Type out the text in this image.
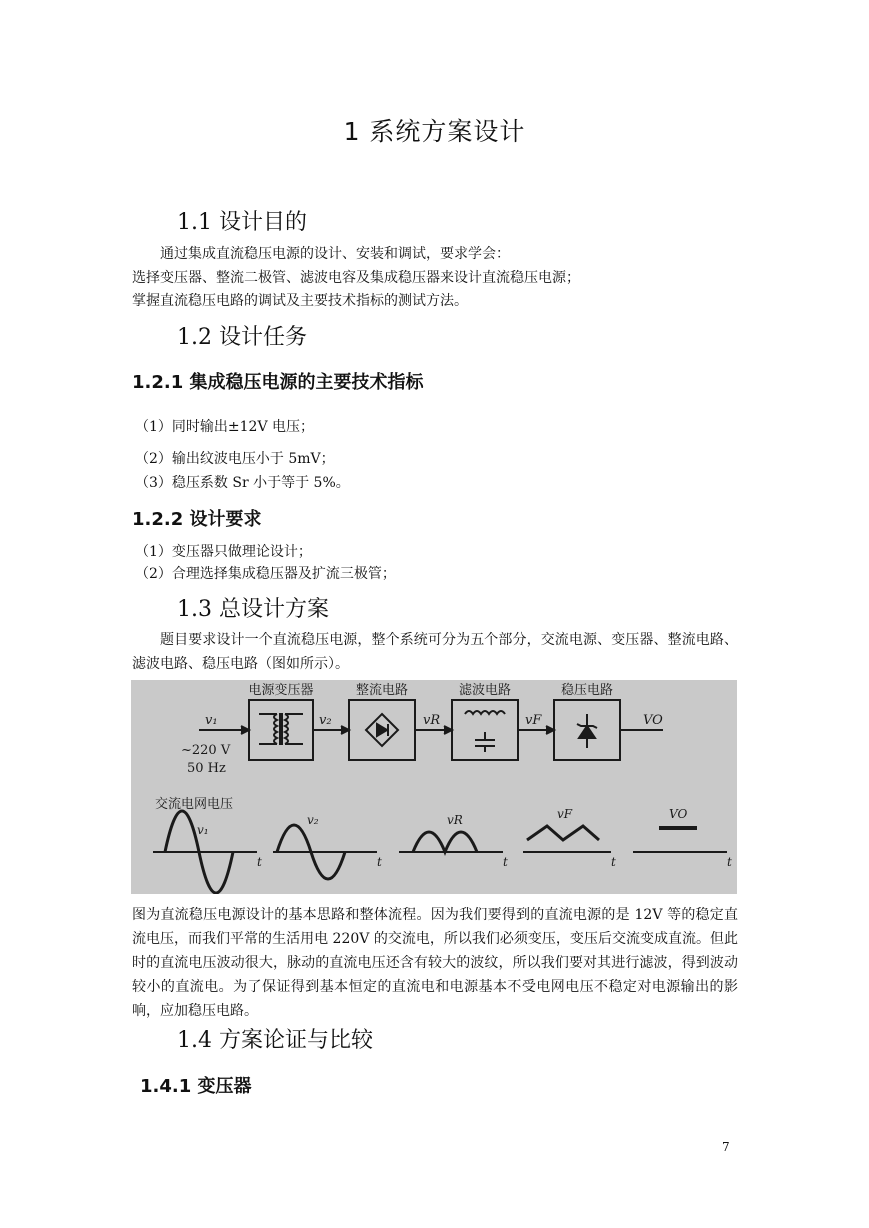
1 系统方案设计
1.1 设计目的
通过集成直流稳压电源的设计、安装和调试，要求学会：
选择变压器、整流二极管、滤波电容及集成稳压器来设计直流稳压电源；
掌握直流稳压电路的调试及主要技术指标的测试方法。
1.2 设计任务
1.2.1 集成稳压电源的主要技术指标
（1）同时输出±12V 电压；
（2）输出纹波电压小于 5mV；
（3）稳压系数 Sr 小于等于 5%。
1.2.2 设计要求
（1）变压器只做理论设计；
（2）合理选择集成稳压器及扩流三极管；
1.3 总设计方案
题目要求设计一个直流稳压电源，整个系统可分为五个部分，交流电源、变压器、整流电路、滤波电路、稳压电路（图如所示）。
电源变压器	整流电路	滤波电路	稳压电路
v₁	v₂	vR	vF	VO
~220 V
50 Hz
交流电网电压
v₁
v₂	vR	vF	VO
t	t	t	t	t
图为直流稳压电源设计的基本思路和整体流程。因为我们要得到的直流电源的是 12V 等的稳定直流电压，而我们平常的生活用电 220V 的交流电，所以我们必须变压，变压后交流变成直流。但此时的直流电压波动很大，脉动的直流电压还含有较大的波纹，所以我们要对其进行滤波，得到波动较小的直流电。为了保证得到基本恒定的直流电和电源基本不受电网电压不稳定对电源输出的影响，应加稳压电路。
1.4 方案论证与比较
1.4.1 变压器
7
